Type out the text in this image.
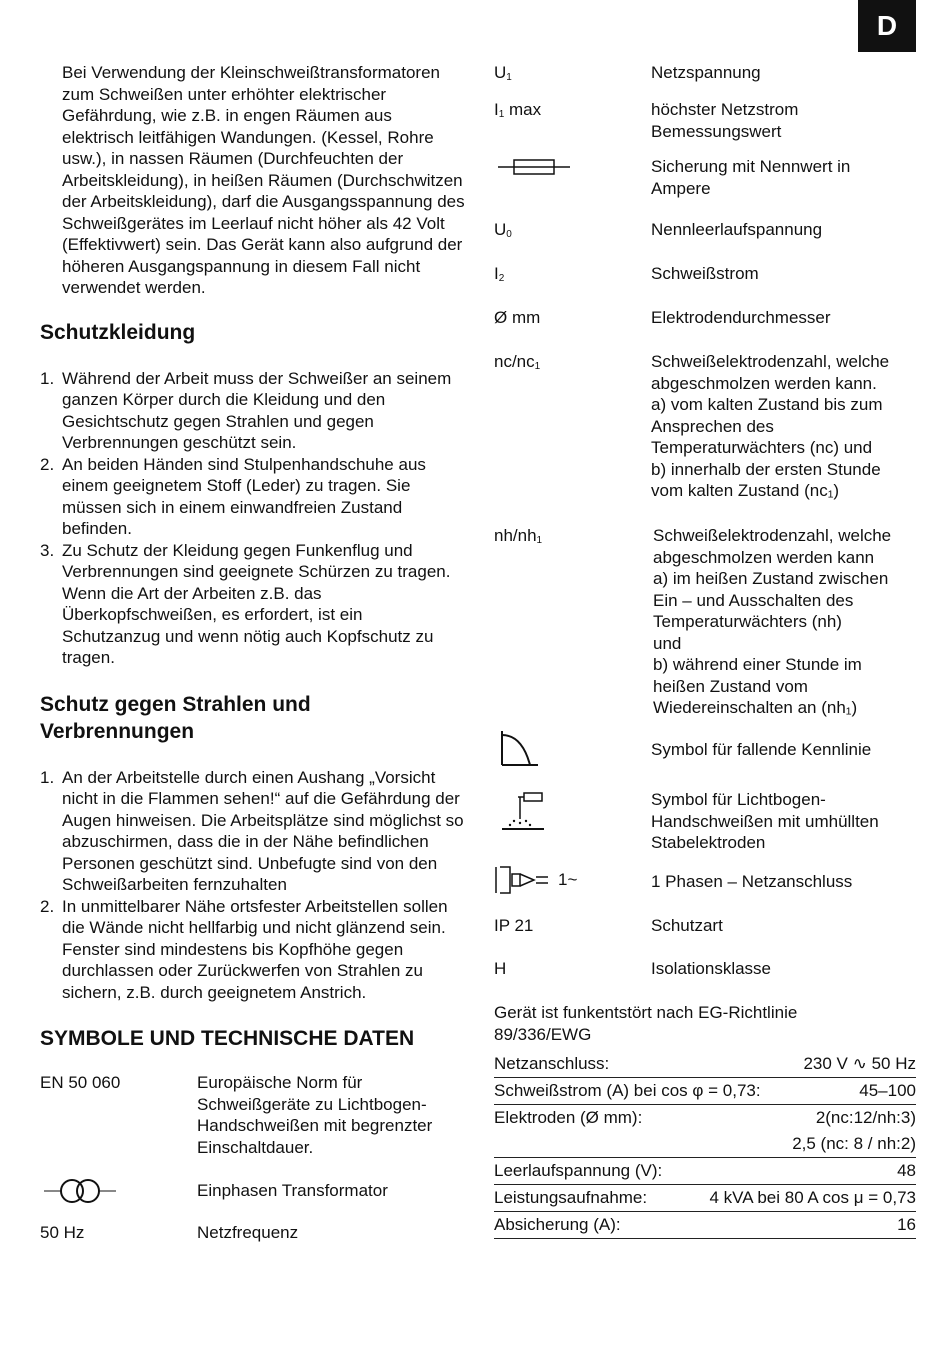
D

Bei Verwendung der Kleinschweißtransformatoren zum Schweißen unter erhöhter elektrischer Gefährdung, wie z.B. in engen Räumen aus elektrisch leitfähigen Wandungen. (Kessel, Rohre usw.), in nassen Räumen (Durchfeuchten der Arbeitskleidung), in heißen Räumen (Durchschwitzen der Arbeitskleidung), darf die Ausgangsspannung des Schweißgerätes im Leerlauf nicht höher als 42 Volt (Effektivwert) sein. Das Gerät kann also aufgrund der höheren Ausgangspannung in diesem Fall nicht verwendet werden.

Schutzkleidung
1. Während der Arbeit muss der Schweißer an seinem ganzen Körper durch die Kleidung und den Gesichtschutz gegen Strahlen und gegen Verbrennungen geschützt sein.
2. An beiden Händen sind Stulpenhandschuhe aus einem geeignetem Stoff (Leder) zu tragen. Sie müssen sich in einem einwandfreien Zustand befinden.
3. Zu Schutz der Kleidung gegen Funkenflug und Verbrennungen sind geeignete Schürzen zu tragen. Wenn die Art der Arbeiten z.B. das Überkopfschweißen, es erfordert, ist ein Schutzanzug und wenn nötig auch Kopfschutz zu tragen.
Schutz gegen Strahlen und Verbrennungen
1. An der Arbeitstelle durch einen Aushang „Vorsicht nicht in die Flammen sehen!“ auf die Gefährdung der Augen hinweisen. Die Arbeitsplätze sind möglichst so abzuschirmen, dass die in der Nähe befindlichen Personen geschützt sind. Unbefugte sind von den Schweißarbeiten fernzuhalten
2. In unmittelbarer Nähe ortsfester Arbeitstellen sollen die Wände nicht hellfarbig und nicht glänzend sein. Fenster sind mindestens bis Kopfhöhe gegen durchlassen oder Zurückwerfen von Strahlen zu sichern, z.B. durch geeignetem Anstrich.
SYMBOLE UND TECHNISCHE DATEN
EN 50 060	Europäische Norm für Schweißgeräte zu Lichtbogen-Handschweißen mit begrenzter Einschaltdauer.
Einphasen Transformator
50 Hz	Netzfrequenz
$U_1$	Netzspannung
$I_1$ max	höchster Netzstrom Bemessungswert
Sicherung mit Nennwert in Ampere
$U_0$	Nennleerlaufspannung
$I_2$	Schweißstrom
Ø mm	Elektrodendurchmesser
$nc/nc_1$	Schweißelektrodenzahl, welche abgeschmolzen werden kann.
a) vom kalten Zustand bis zum Ansprechen des Temperaturwächters (nc) und
b) innerhalb der ersten Stunde vom kalten Zustand (nc₁)
$nh/nh_1$	Schweißelektrodenzahl, welche abgeschmolzen werden kann
a) im heißen Zustand zwischen Ein – und Ausschalten des Temperaturwächters (nh)
und
b) während einer Stunde im heißen Zustand vom Wiedereinschalten an (nh₁)
Symbol für fallende Kennlinie
Symbol für Lichtbogen-Handschweißen mit umhüllten Stabelektroden
1~	1 Phasen – Netzanschluss
IP 21	Schutzart
H	Isolationsklasse

Gerät ist funkentstört nach EG-Richtlinie 89/336/EWG

Netzanschluss:	230 V ∿ 50 Hz
Schweißstrom (A) bei cos φ = 0,73:	45–100
Elektroden (Ø mm):	2(nc:12/nh:3)
2,5 (nc: 8 / nh:2)
Leerlaufspannung (V):	48
Leistungsaufnahme:	4 kVA bei 80 A cos μ = 0,73
Absicherung (A):	16
